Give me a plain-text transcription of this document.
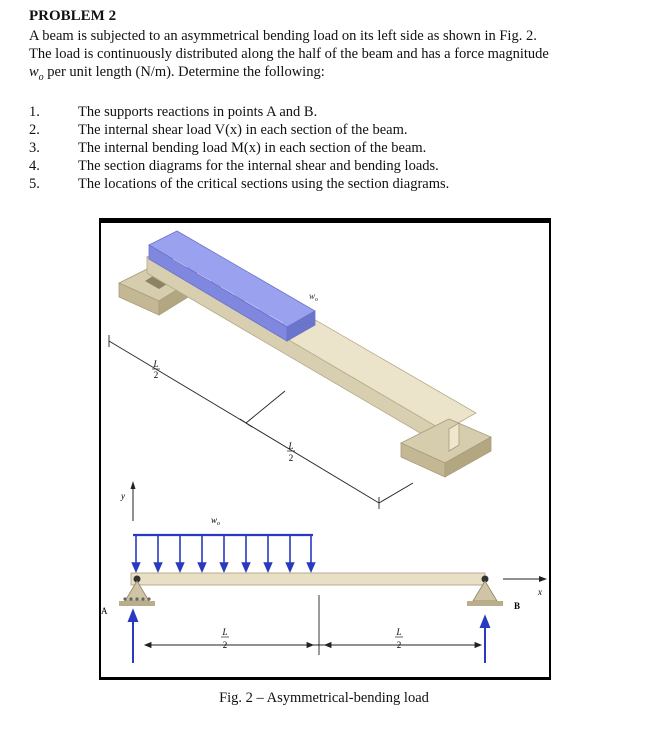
PROBLEM 2
A beam is subjected to an asymmetrical bending load on its left side as shown in Fig. 2.
The load is continuously distributed along the half of the beam and has a force magnitude
$w_o$ per unit length (N/m). Determine the following:
1.	The supports reactions in points A and B.
2.	The internal shear load V(x) in each section of the beam.
3.	The internal bending load M(x) in each section of the beam.
4.	The section diagrams for the internal shear and bending loads.
5.	The locations of the critical sections using the section diagrams.
$w_o$
L
2
L
2
y
$w_o$
x
A	B
L
2
L
2
Fig. 2 – Asymmetrical-bending load
